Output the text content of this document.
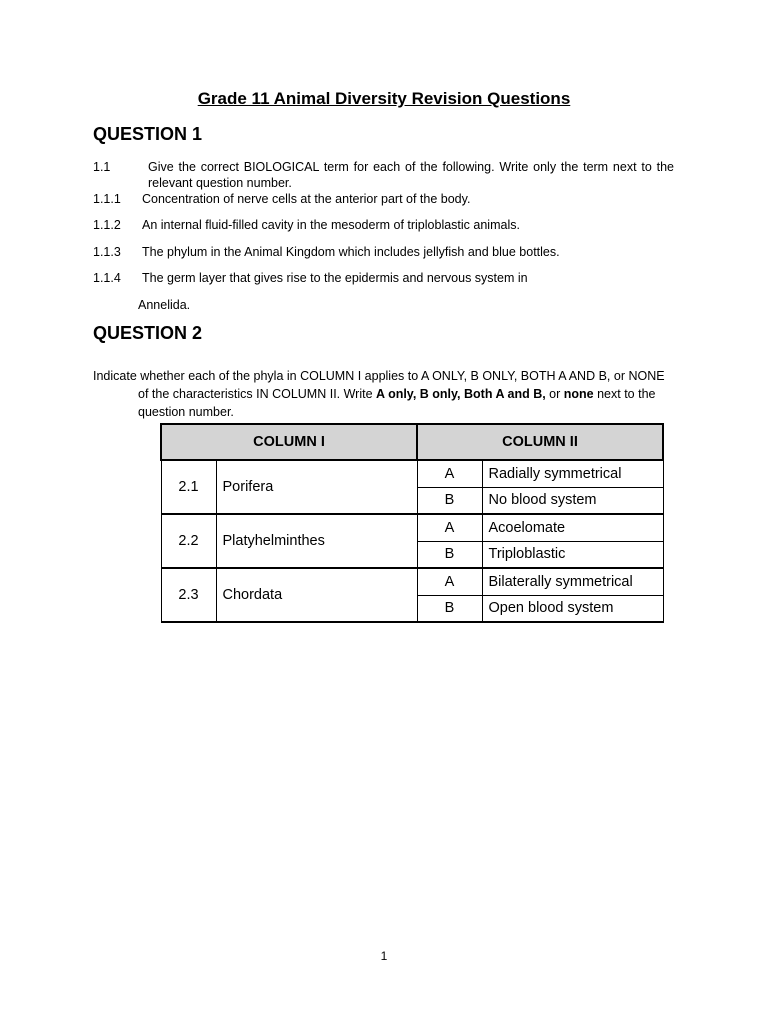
Grade 11 Animal Diversity Revision Questions
QUESTION 1
1.1	Give the correct BIOLOGICAL term for each of the following. Write only the term next to the relevant question number.
1.1.1 Concentration of nerve cells at the anterior part of the body.
1.1.2 An internal fluid-filled cavity in the mesoderm of triploblastic animals.
1.1.3 The phylum in the Animal Kingdom which includes jellyfish and blue bottles.
1.1.4 The germ layer that gives rise to the epidermis and nervous system in
Annelida.
QUESTION 2
Indicate whether each of the phyla in COLUMN I applies to A ONLY, B ONLY, BOTH A AND B, or NONE
of the characteristics IN COLUMN II. Write A only, B only, Both A and B, or none next to the question number.
COLUMN I		COLUMN II	
2.1	Porifera	A	Radially symmetrical
		B	No blood system
2.2	Platyhelminthes	A	Acoelomate
		B	Triploblastic
2.3	Chordata	A	Bilaterally symmetrical
		B	Open blood system
1
